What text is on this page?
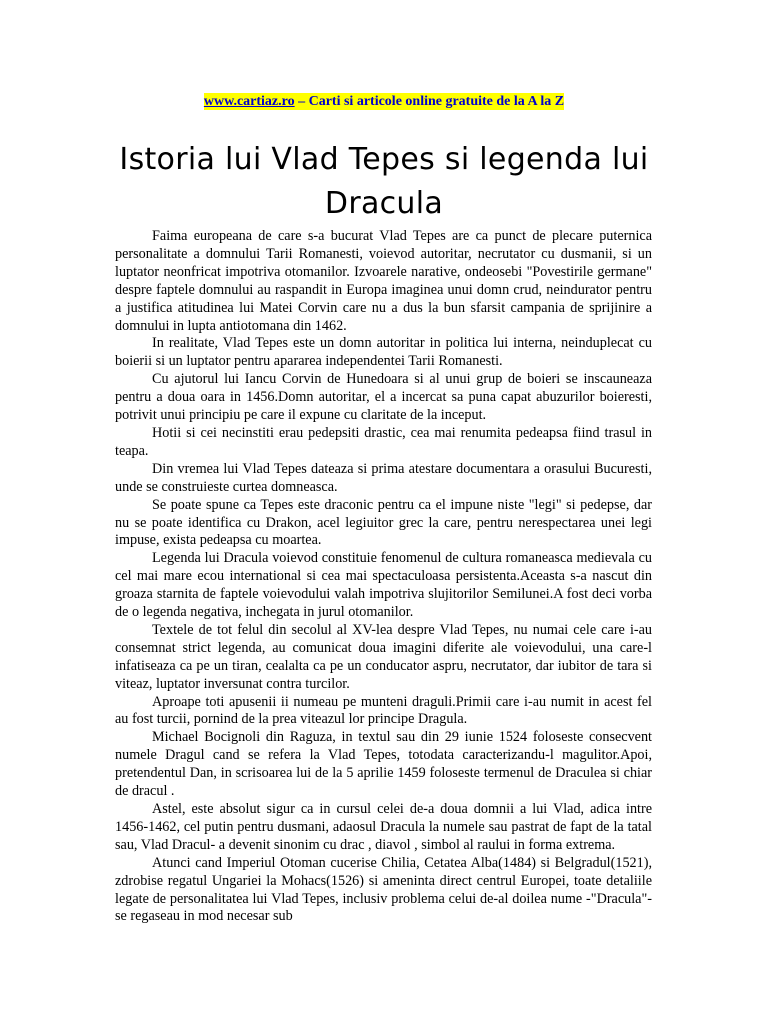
www.cartiaz.ro – Carti si articole online gratuite de la A la Z
Istoria lui Vlad Tepes si legenda lui Dracula

Faima europeana de care s-a bucurat Vlad Tepes are ca punct de plecare puternica personalitate a domnului Tarii Romanesti, voievod autoritar, necrutator cu dusmanii, si un luptator neonfricat impotriva otomanilor. Izvoarele narative, ondeosebi "Povestirile germane" despre faptele domnului au raspandit in Europa imaginea unui domn crud, neindurator pentru a justifica atitudinea lui Matei Corvin care nu a dus la bun sfarsit campania de sprijinire a domnului in lupta antiotomana din 1462.

In realitate, Vlad Tepes este un domn autoritar in politica lui interna, neinduplecat cu boierii si un luptator pentru apararea independentei Tarii Romanesti.

Cu ajutorul lui Iancu Corvin de Hunedoara si al unui grup de boieri se inscauneaza pentru a doua oara in 1456.Domn autoritar, el a incercat sa puna capat abuzurilor boieresti, potrivit unui principiu pe care il expune cu claritate de la inceput.

Hotii si cei necinstiti erau pedepsiti drastic, cea mai renumita pedeapsa fiind trasul in teapa.

Din vremea lui Vlad Tepes dateaza si prima atestare documentara a orasului Bucuresti, unde se construieste curtea domneasca.

Se poate spune ca Tepes este draconic pentru ca el impune niste "legi" si pedepse, dar nu se poate identifica cu Drakon, acel legiuitor grec la care, pentru nerespectarea unei legi impuse, exista pedeapsa cu moartea.

Legenda lui Dracula voievod constituie fenomenul de cultura romaneasca medievala cu cel mai mare ecou international si cea mai spectaculoasa persistenta.Aceasta s-a nascut din groaza starnita de faptele voievodului valah impotriva slujitorilor Semilunei.A fost deci vorba de o legenda negativa, inchegata in jurul otomanilor.

Textele de tot felul din secolul al XV-lea despre Vlad Tepes, nu numai cele care i-au consemnat strict legenda, au comunicat doua imagini diferite ale voievodului, una care-l infatiseaza ca pe un tiran, cealalta ca pe un conducator aspru, necrutator, dar iubitor de tara si viteaz, luptator inversunat contra turcilor.

Aproape toti apusenii ii numeau pe munteni draguli.Primii care i-au numit in acest fel au fost turcii, pornind de la prea viteazul lor principe Dragula.

Michael Bocignoli din Raguza, in textul sau din 29 iunie 1524 foloseste consecvent numele Dragul cand se refera la Vlad Tepes, totodata caracterizandu-l magulitor.Apoi, pretendentul Dan, in scrisoarea lui de la 5 aprilie 1459 foloseste termenul de Draculea si chiar de dracul .

Astel, este absolut sigur ca in cursul celei de-a doua domnii a lui Vlad, adica intre 1456-1462, cel putin pentru dusmani, adaosul Dracula la numele sau pastrat de fapt de la tatal sau, Vlad Dracul- a devenit sinonim cu drac , diavol , simbol al raului in forma extrema.

Atunci cand Imperiul Otoman cucerise Chilia, Cetatea Alba(1484) si Belgradul(1521), zdrobise regatul Ungariei la Mohacs(1526) si ameninta direct centrul Europei, toate detaliile legate de personalitatea lui Vlad Tepes, inclusiv problema celui de-al doilea nume -"Dracula"- se regaseau in mod necesar sub
